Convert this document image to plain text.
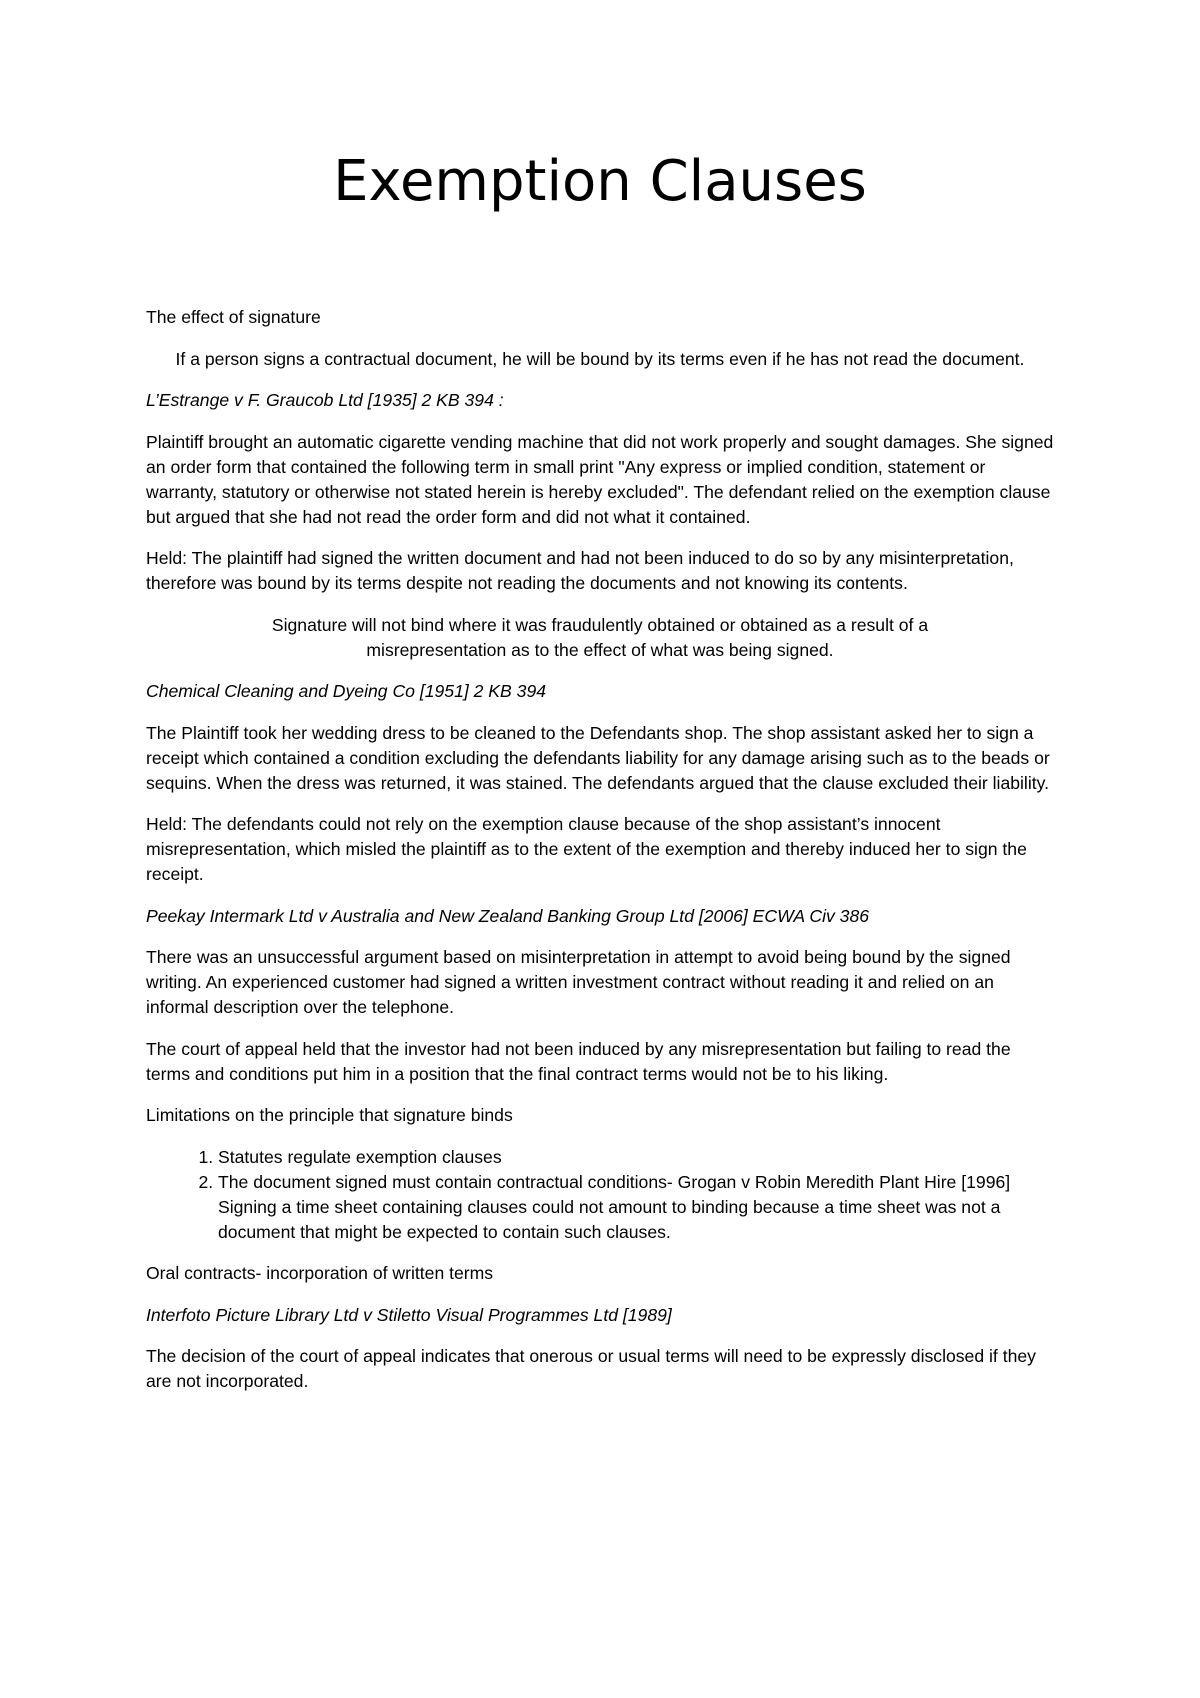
Exemption Clauses

The effect of signature

If a person signs a contractual document, he will be bound by its terms even if he has not read the document.

L’Estrange v F. Graucob Ltd [1935] 2 KB 394 :

Plaintiff brought an automatic cigarette vending machine that did not work properly and sought damages. She signed an order form that contained the following term in small print "Any express or implied condition, statement or warranty, statutory or otherwise not stated herein is hereby excluded". The defendant relied on the exemption clause but argued that she had not read the order form and did not what it contained.

Held: The plaintiff had signed the written document and had not been induced to do so by any misinterpretation, therefore was bound by its terms despite not reading the documents and not knowing its contents.

Signature will not bind where it was fraudulently obtained or obtained as a result of a misrepresentation as to the effect of what was being signed.

Chemical Cleaning and Dyeing Co [1951] 2 KB 394

The Plaintiff took her wedding dress to be cleaned to the Defendants shop. The shop assistant asked her to sign a receipt which contained a condition excluding the defendants liability for any damage arising such as to the beads or sequins. When the dress was returned, it was stained. The defendants argued that the clause excluded their liability.

Held: The defendants could not rely on the exemption clause because of the shop assistant’s innocent misrepresentation, which misled the plaintiff as to the extent of the exemption and thereby induced her to sign the receipt.

Peekay Intermark Ltd v Australia and New Zealand Banking Group Ltd [2006] ECWA Civ 386

There was an unsuccessful argument based on misinterpretation in attempt to avoid being bound by the signed writing. An experienced customer had signed a written investment contract without reading it and relied on an informal description over the telephone.

The court of appeal held that the investor had not been induced by any misrepresentation but failing to read the terms and conditions put him in a position that the final contract terms would not be to his liking.

Limitations on the principle that signature binds

1. Statutes regulate exemption clauses
2. The document signed must contain contractual conditions- Grogan v Robin Meredith Plant Hire [1996]
Signing a time sheet containing clauses could not amount to binding because a time sheet was not a document that might be expected to contain such clauses.

Oral contracts- incorporation of written terms

Interfoto Picture Library Ltd v Stiletto Visual Programmes Ltd [1989]

The decision of the court of appeal indicates that onerous or usual terms will need to be expressly disclosed if they are not incorporated.
